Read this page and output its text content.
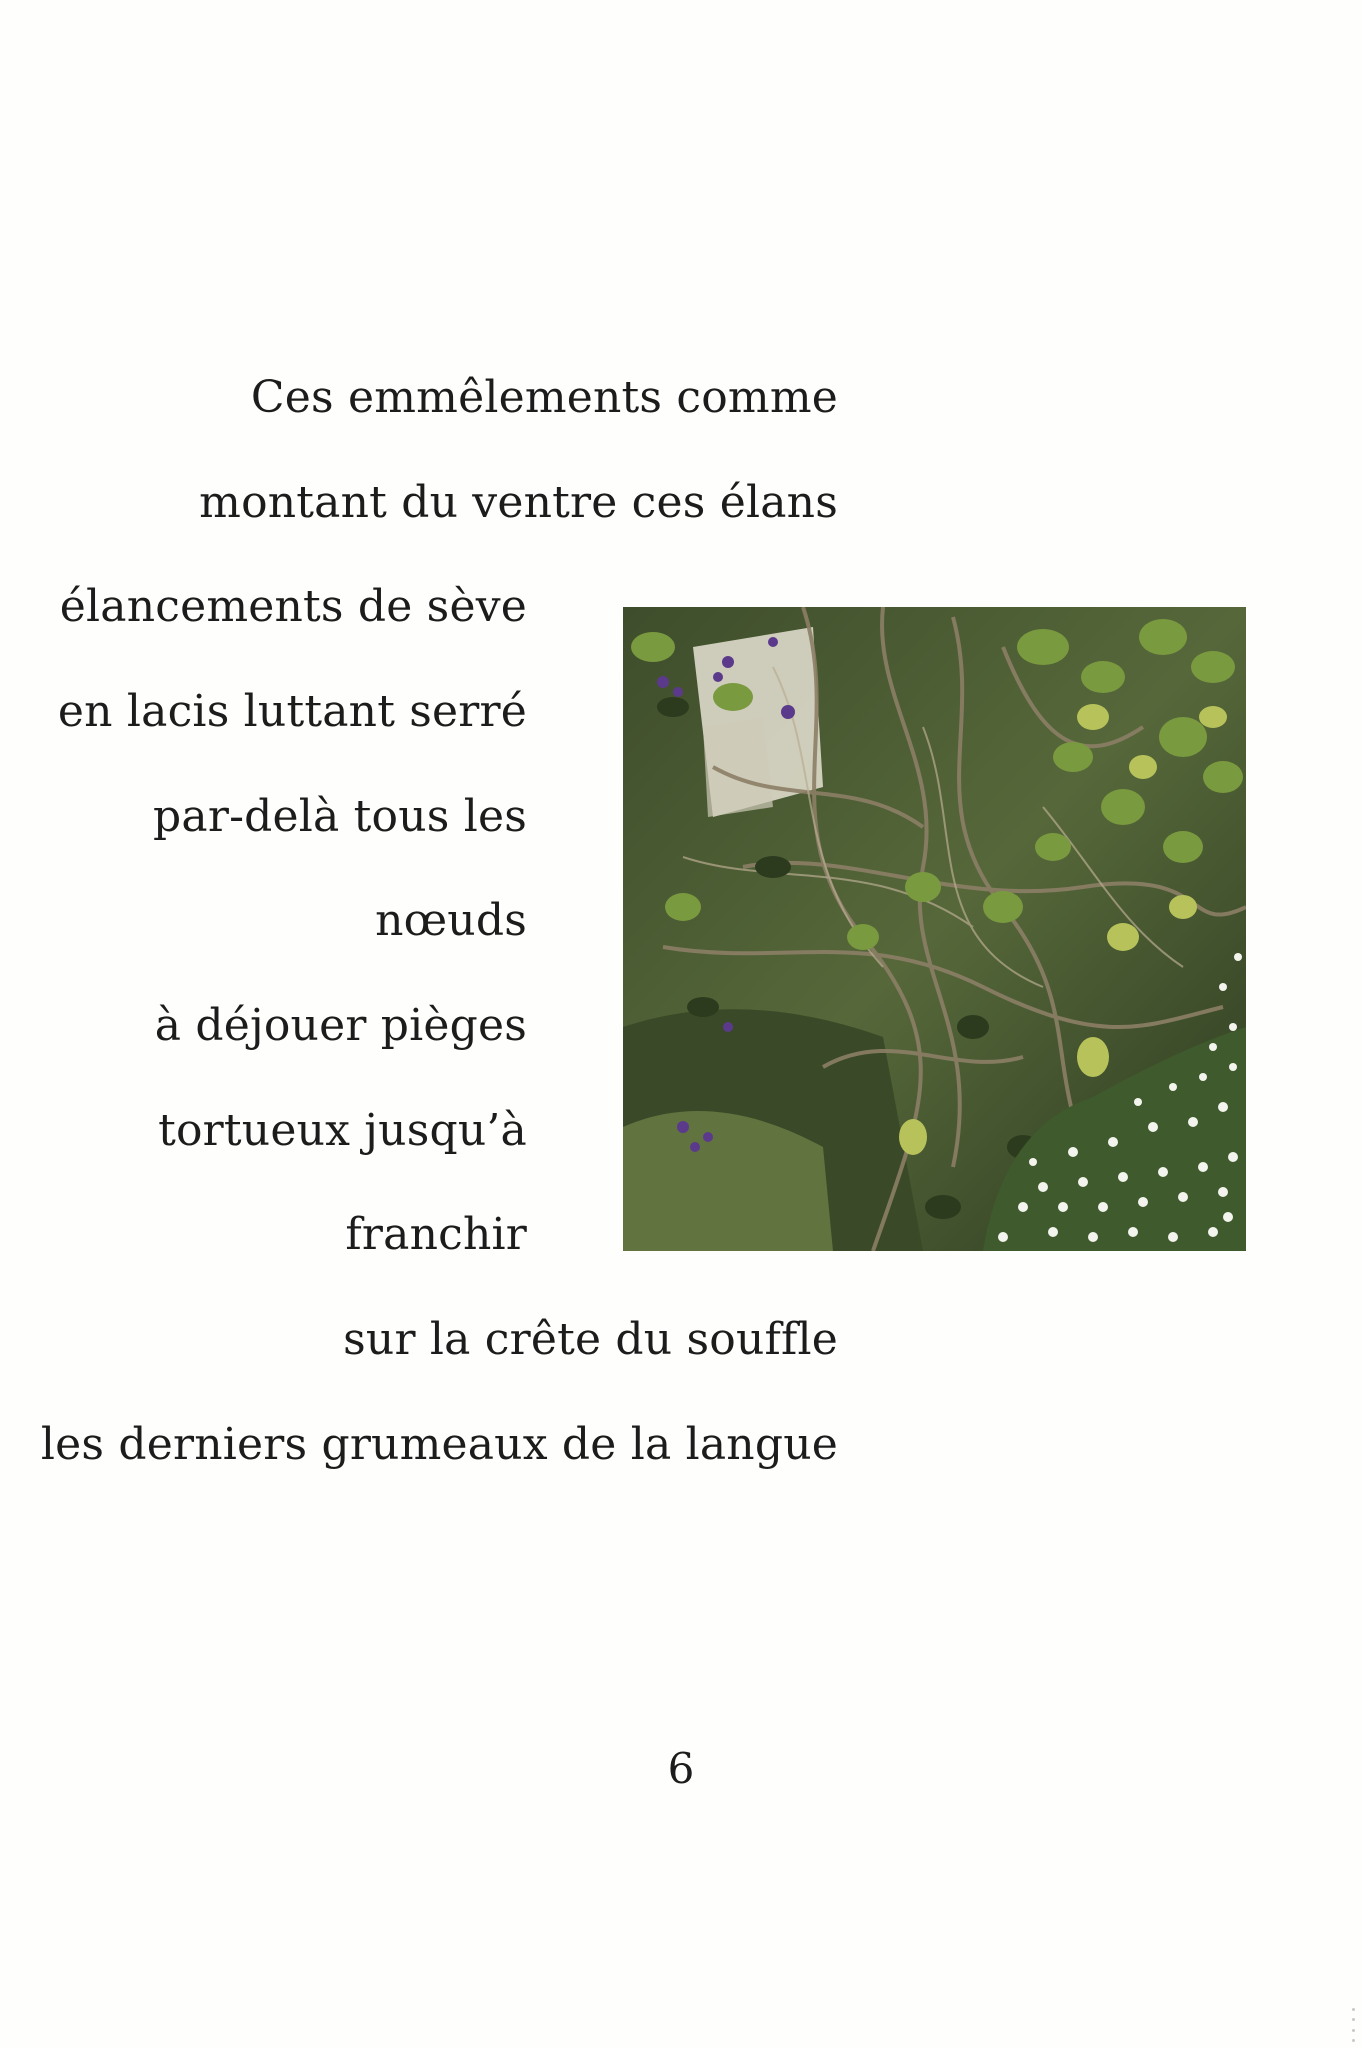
Ces emmêlements comme
montant du ventre ces élans
élancements de sève
en lacis luttant serré
par-delà tous les
nœuds
à déjouer pièges
tortueux jusqu’à
franchir
sur la crête du souffle
les derniers grumeaux de la langue
6
